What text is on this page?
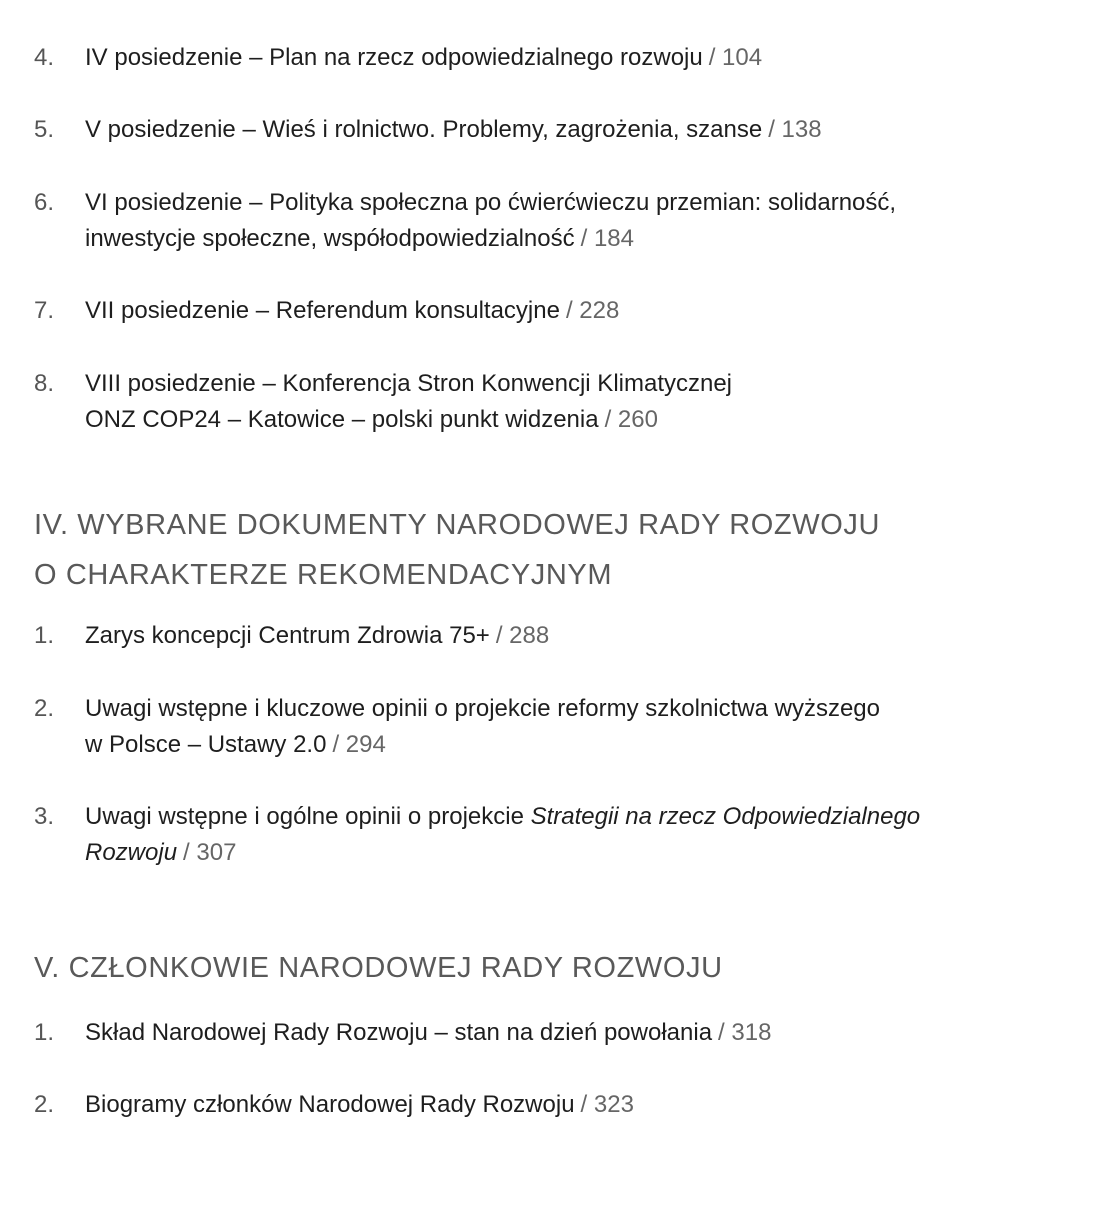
4.	IV posiedzenie – Plan na rzecz odpowiedzialnego rozwoju / 104
5.	V posiedzenie – Wieś i rolnictwo. Problemy, zagrożenia, szanse / 138
6.	VI posiedzenie – Polityka społeczna po ćwierćwieczu przemian: solidarność,
inwestycje społeczne, współodpowiedzialność / 184
7.	VII posiedzenie – Referendum konsultacyjne / 228
8.	VIII posiedzenie – Konferencja Stron Konwencji Klimatycznej
ONZ COP24 – Katowice – polski punkt widzenia / 260
IV. WYBRANE DOKUMENTY NARODOWEJ RADY ROZWOJU
O CHARAKTERZE REKOMENDACYJNYM
1.	Zarys koncepcji Centrum Zdrowia 75+ / 288
2.	Uwagi wstępne i kluczowe opinii o projekcie reformy szkolnictwa wyższego
w Polsce – Ustawy 2.0 / 294
3.	Uwagi wstępne i ogólne opinii o projekcie Strategii na rzecz Odpowiedzialnego
Rozwoju / 307
V. CZŁONKOWIE NARODOWEJ RADY ROZWOJU
1.	Skład Narodowej Rady Rozwoju – stan na dzień powołania / 318
2.	Biogramy członków Narodowej Rady Rozwoju / 323
